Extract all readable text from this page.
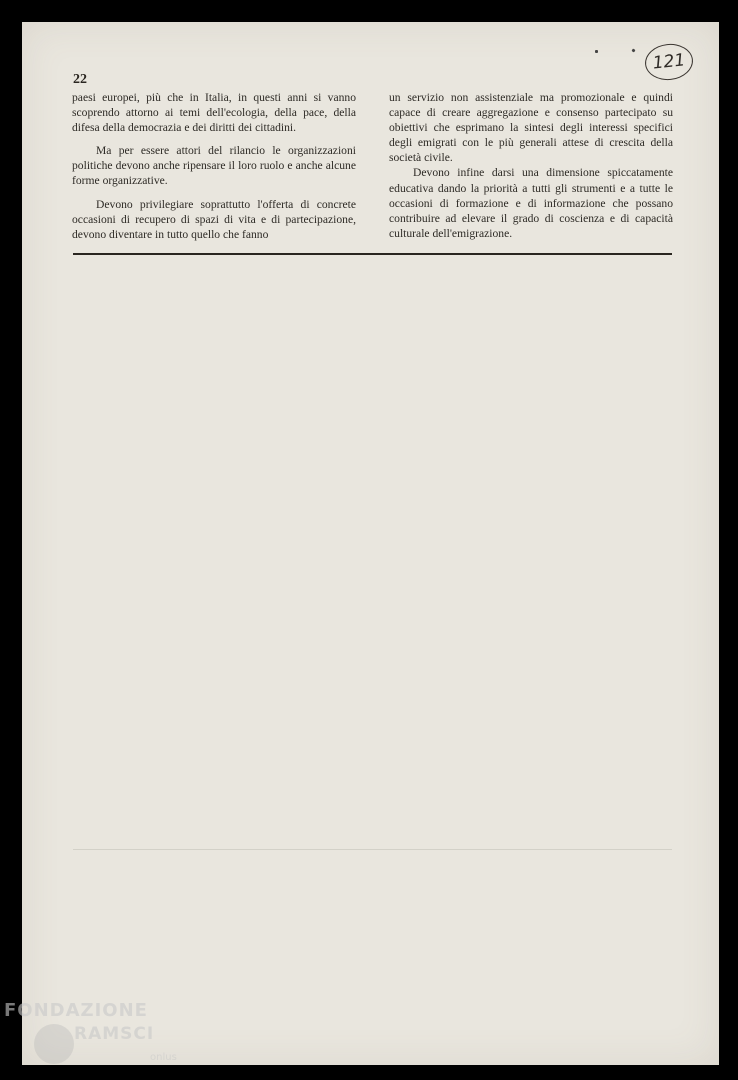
22
121

paesi europei, più che in Italia, in questi anni si vanno scoprendo attorno ai temi dell'ecologia, della pace, della difesa della democrazia e dei diritti dei cittadini.

Ma per essere attori del rilancio le organizzazioni politiche devono anche ripensare il loro ruolo e anche alcune forme organizzative.

Devono privilegiare soprattutto l'offerta di concrete occasioni di recupero di spazi di vita e di partecipazione, devono diventare in tutto quello che fanno

un servizio non assistenziale ma promozionale e quindi capace di creare aggregazione e consenso partecipato su obiettivi che esprimano la sintesi degli interessi specifici degli emigrati con le più generali attese di crescita della società civile.

Devono infine darsi una dimensione spiccatamente educativa dando la priorità a tutti gli strumenti e a tutte le occasioni di formazione e di informazione che possano contribuire ad elevare il grado di coscienza e di capacità culturale dell'emigrazione.

FONDAZIONE
RAMSCI
onlus
